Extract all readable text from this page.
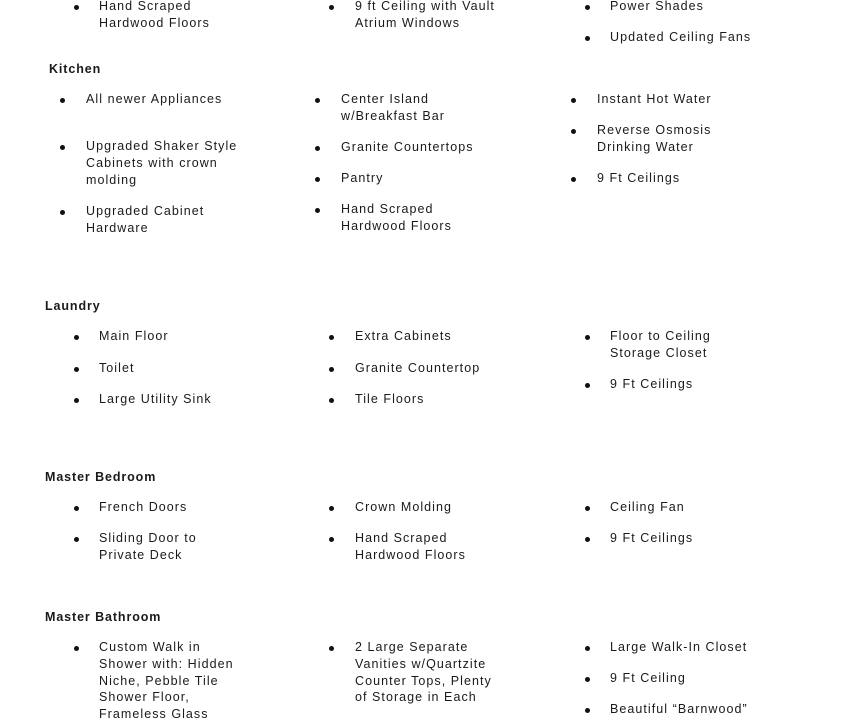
Hand Scraped
Hardwood Floors
9 ft Ceiling with Vault
Atrium Windows
Power Shades
Updated Ceiling Fans
Kitchen
All newer Appliances
Upgraded Shaker Style
Cabinets with crown
molding
Upgraded Cabinet
Hardware
Center Island
w/Breakfast Bar
Granite Countertops
Pantry
Hand Scraped
Hardwood Floors
Instant Hot Water
Reverse Osmosis
Drinking Water
9 Ft Ceilings
Laundry
Main Floor
Toilet
Large Utility Sink
Extra Cabinets
Granite Countertop
Tile Floors
Floor to Ceiling
Storage Closet
9 Ft Ceilings
Master Bedroom
French Doors
Sliding Door to
Private Deck
Crown Molding
Hand Scraped
Hardwood Floors
Ceiling Fan
9 Ft Ceilings
Master Bathroom
Custom Walk in
Shower with: Hidden
Niche, Pebble Tile
Shower Floor,
Frameless Glass
2 Large Separate
Vanities w/Quartzite
Counter Tops, Plenty
of Storage in Each
Large Walk-In Closet
9 Ft Ceiling
Beautiful “Barnwood”
